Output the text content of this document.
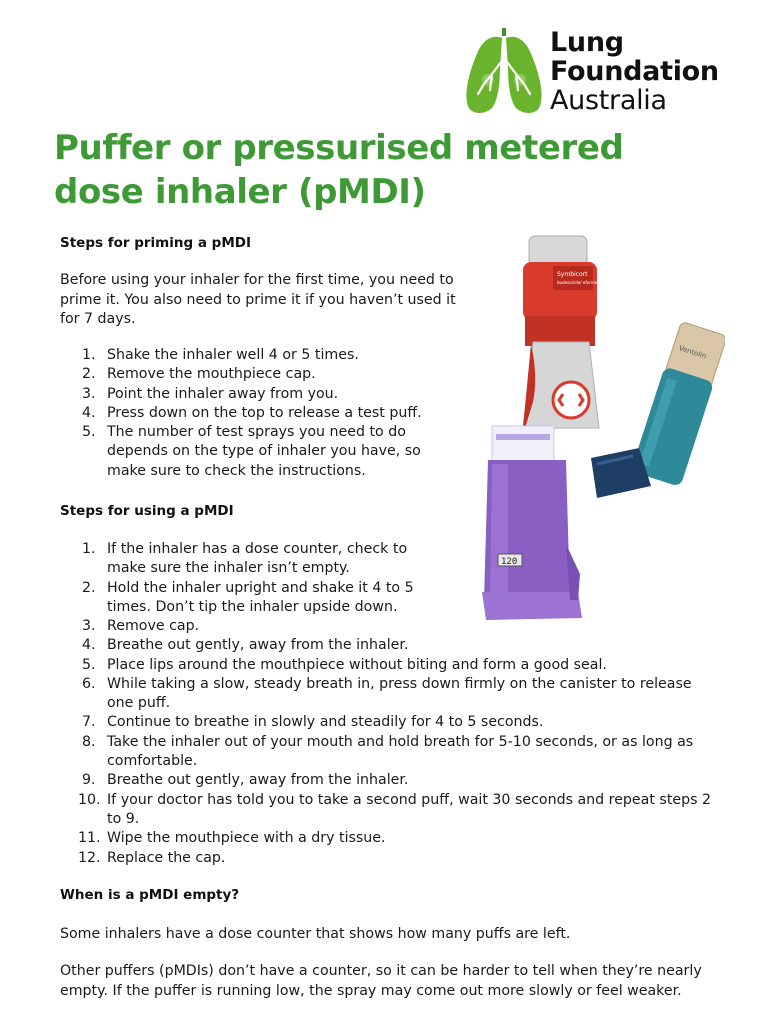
Lung
Foundation
Australia
Puffer or pressurised metered dose inhaler (pMDI)
Steps for priming a pMDI
Before using your inhaler for the first time, you need to prime it. You also need to prime it if you haven’t used it for 7 days.
1. Shake the inhaler well 4 or 5 times.
2. Remove the mouthpiece cap.
3. Point the inhaler away from you.
4. Press down on the top to release a test puff.
5. The number of test sprays you need to do depends on the type of inhaler you have, so make sure to check the instructions.
Steps for using a pMDI
1. If the inhaler has a dose counter, check to make sure the inhaler isn’t empty.
2. Hold the inhaler upright and shake it 4 to 5 times. Don’t tip the inhaler upside down.
3. Remove cap.
4. Breathe out gently, away from the inhaler.
5. Place lips around the mouthpiece without biting and form a good seal.
6. While taking a slow, steady breath in, press down firmly on the canister to release one puff.
7. Continue to breathe in slowly and steadily for 4 to 5 seconds.
8. Take the inhaler out of your mouth and hold breath for 5-10 seconds, or as long as comfortable.
9. Breathe out gently, away from the inhaler.
10. If your doctor has told you to take a second puff, wait 30 seconds and repeat steps 2 to 9.
11. Wipe the mouthpiece with a dry tissue.
12. Replace the cap.
When is a pMDI empty?
Some inhalers have a dose counter that shows how many puffs are left.
Other puffers (pMDIs) don’t have a counter, so it can be harder to tell when they’re nearly empty. If the puffer is running low, the spray may come out more slowly or feel weaker.
Symbicort
budesonide/ eformoterol
Ventolin
120
